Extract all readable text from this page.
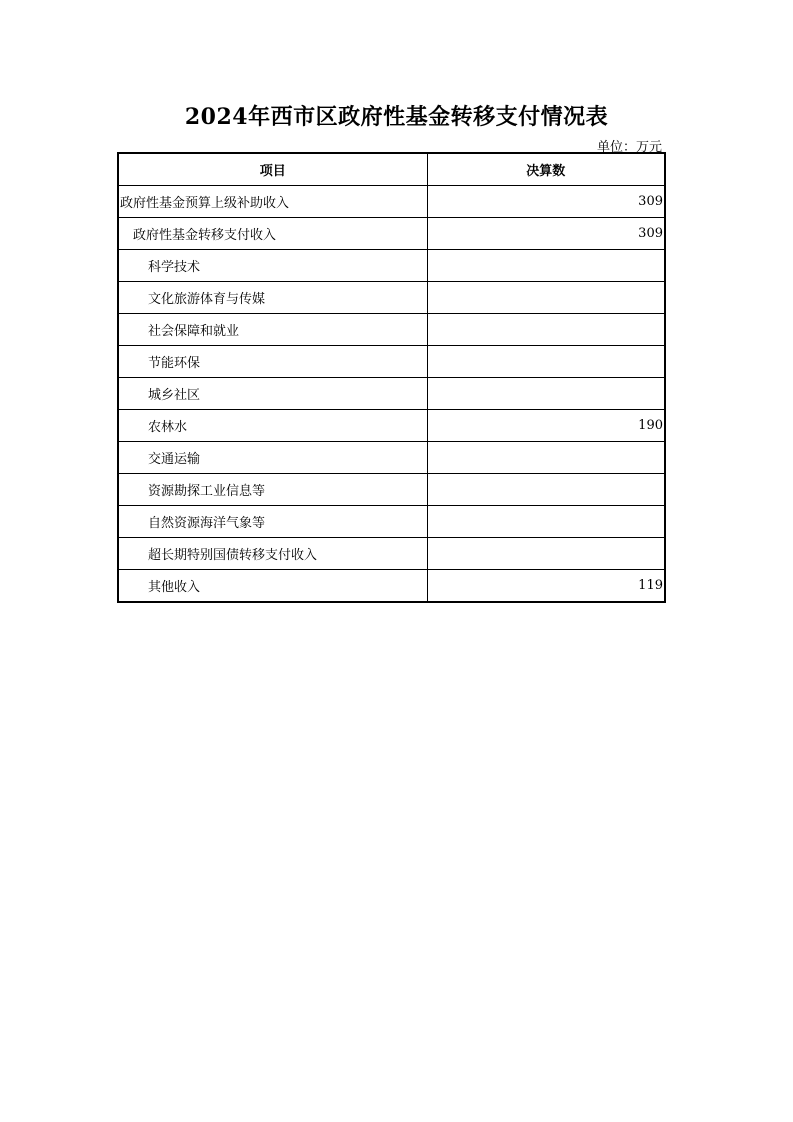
2024年西市区政府性基金转移支付情况表
单位：万元
项目	决算数
政府性基金预算上级补助收入	309
政府性基金转移支付收入	309
科学技术	
文化旅游体育与传媒	
社会保障和就业	
节能环保	
城乡社区	
农林水	190
交通运输	
资源勘探工业信息等	
自然资源海洋气象等	
超长期特别国债转移支付收入	
其他收入	119
